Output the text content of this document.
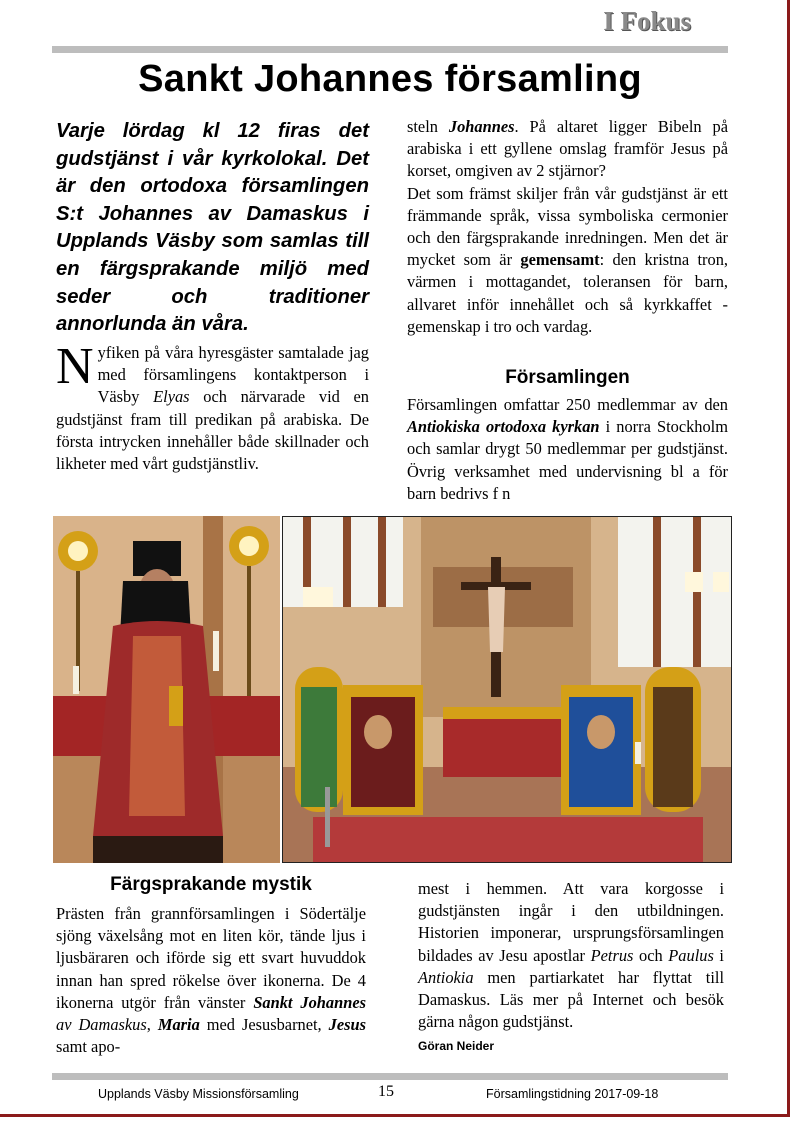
I Fokus
Sankt Johannes församling
Varje lördag kl 12 firas det gudstjänst i vår kyrkolokal. Det är den ortodoxa församlingen S:t Johannes av Damaskus i Upplands Väsby som samlas till en färgsprakande miljö med seder och traditioner annorlunda än våra.
Nyfiken på våra hyresgäster samtalade jag med församlingens kontaktperson i Väsby Elyas och närvarade vid en gudstjänst fram till predikan på arabiska. De första intrycken innehåller både skillnader och likheter med vårt gudstjänstliv.

steln Johannes. På altaret ligger Bibeln på arabiska i ett gyllene omslag framför Jesus på korset, omgiven av 2 stjärnor?

Det som främst skiljer från vår gudstjänst är ett främmande språk, vissa symboliska cermonier och den färgsprakande inredningen. Men det är mycket som är gemensamt: den kristna tron, värmen i mottagandet, toleransen för barn, allvaret inför innehållet och så kyrkkaffet - gemenskap i tro och vardag.

Församlingen
Församlingen omfattar 250 medlemmar av den Antiokiska ortodoxa kyrkan i norra Stockholm och samlar drygt 50 medlemmar per gudstjänst. Övrig verksamhet med undervisning bl a för barn bedrivs f n
Färgsprakande mystik
Prästen från grannförsamlingen i Södertälje sjöng växelsång mot en liten kör, tände ljus i ljusbäraren och iförde sig ett svart huvuddok innan han spred rökelse över ikonerna. De 4 ikonerna utgör från vänster Sankt Johannes av Damaskus, Maria med Jesusbarnet, Jesus samt apo-

mest i hemmen. Att vara korgosse i gudstjänsten ingår i den utbildningen. Historien imponerar, ursprungsförsamlingen bildades av Jesu apostlar Petrus och Paulus i Antiokia men partiarkatet har flyttat till Damaskus. Läs mer på Internet och besök gärna någon gudstjänst.

Göran Neider

Upplands Väsby Missionsförsamling	15	Församlingstidning 2017-09-18
